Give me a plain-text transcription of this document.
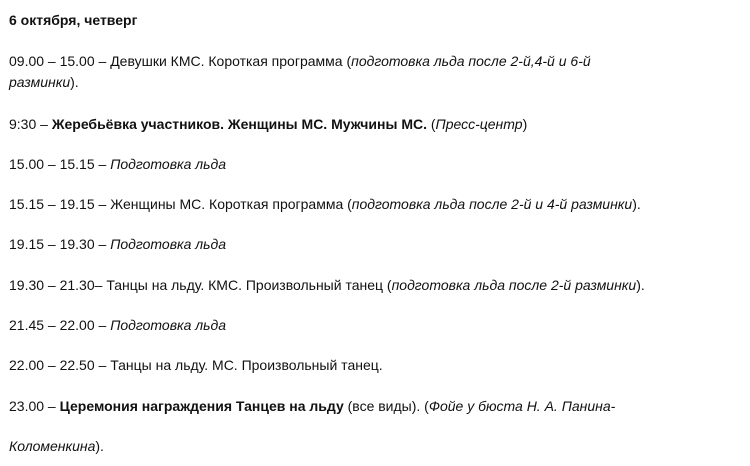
6 октября, четверг
09.00 – 15.00 – Девушки КМС. Короткая программа (подготовка льда после 2-й,4-й и 6-й
разминки).
9:30 – Жеребьёвка участников. Женщины МС. Мужчины МС. (Пресс-центр)
15.00 – 15.15 – Подготовка льда
15.15 – 19.15 – Женщины МС. Короткая программа (подготовка льда после 2-й и 4-й разминки).
19.15 – 19.30 – Подготовка льда
19.30 – 21.30– Танцы на льду. КМС. Произвольный танец (подготовка льда после 2-й разминки).
21.45 – 22.00 – Подготовка льда
22.00 – 22.50 – Танцы на льду. МС. Произвольный танец.
23.00 – Церемония награждения Танцев на льду (все виды). (Фойе у бюста Н. А. Панина-
Коломенкина).
